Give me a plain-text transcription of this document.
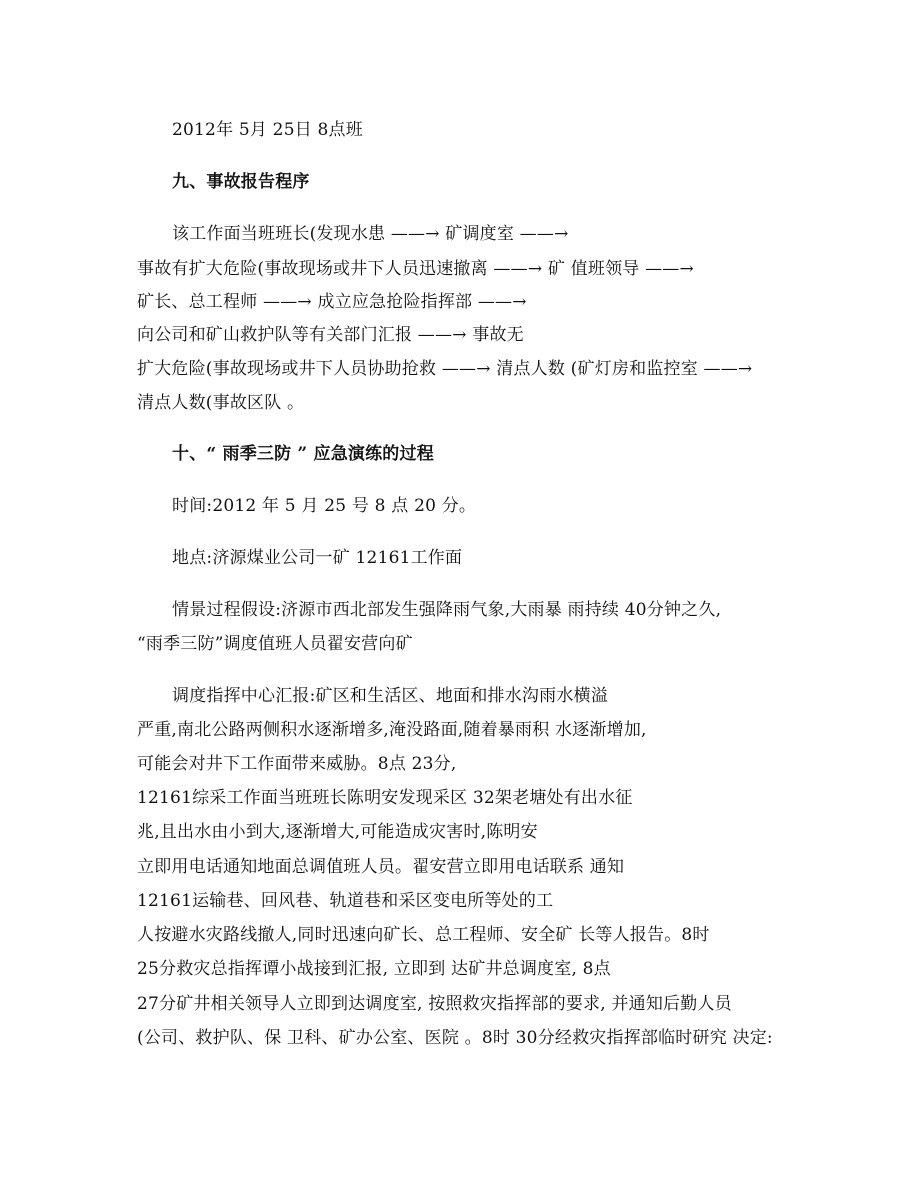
2012年 5月 25日 8点班
九、事故报告程序
该工作面当班班长(发现水患 ——→ 矿调度室 ——→
事故有扩大危险(事故现场或井下人员迅速撤离 ——→ 矿 值班领导 ——→
矿长、总工程师 ——→ 成立应急抢险指挥部 ——→
向公司和矿山救护队等有关部门汇报 ——→ 事故无
扩大危险(事故现场或井下人员协助抢救 ——→ 清点人数 (矿灯房和监控室 ——→
清点人数(事故区队 。
十、“ 雨季三防 ” 应急演练的过程
时间:2012 年 5 月 25 号 8 点 20 分。
地点:济源煤业公司一矿 12161工作面
情景过程假设:济源市西北部发生强降雨气象,大雨暴 雨持续 40分钟之久,
“雨季三防”调度值班人员翟安营向矿
调度指挥中心汇报:矿区和生活区、地面和排水沟雨水横溢
严重,南北公路两侧积水逐渐增多,淹没路面,随着暴雨积 水逐渐增加,
可能会对井下工作面带来威胁。8点 23分,
12161综采工作面当班班长陈明安发现采区 32架老塘处有出水征
兆,且出水由小到大,逐渐增大,可能造成灾害时,陈明安
立即用电话通知地面总调值班人员。翟安营立即用电话联系 通知
12161运输巷、回风巷、轨道巷和采区变电所等处的工
人按避水灾路线撤人,同时迅速向矿长、总工程师、安全矿 长等人报告。8时
25分救灾总指挥谭小战接到汇报, 立即到 达矿井总调度室, 8点
27分矿井相关领导人立即到达调度室, 按照救灾指挥部的要求, 并通知后勤人员
(公司、救护队、保 卫科、矿办公室、医院 。8时 30分经救灾指挥部临时研究 决定:
